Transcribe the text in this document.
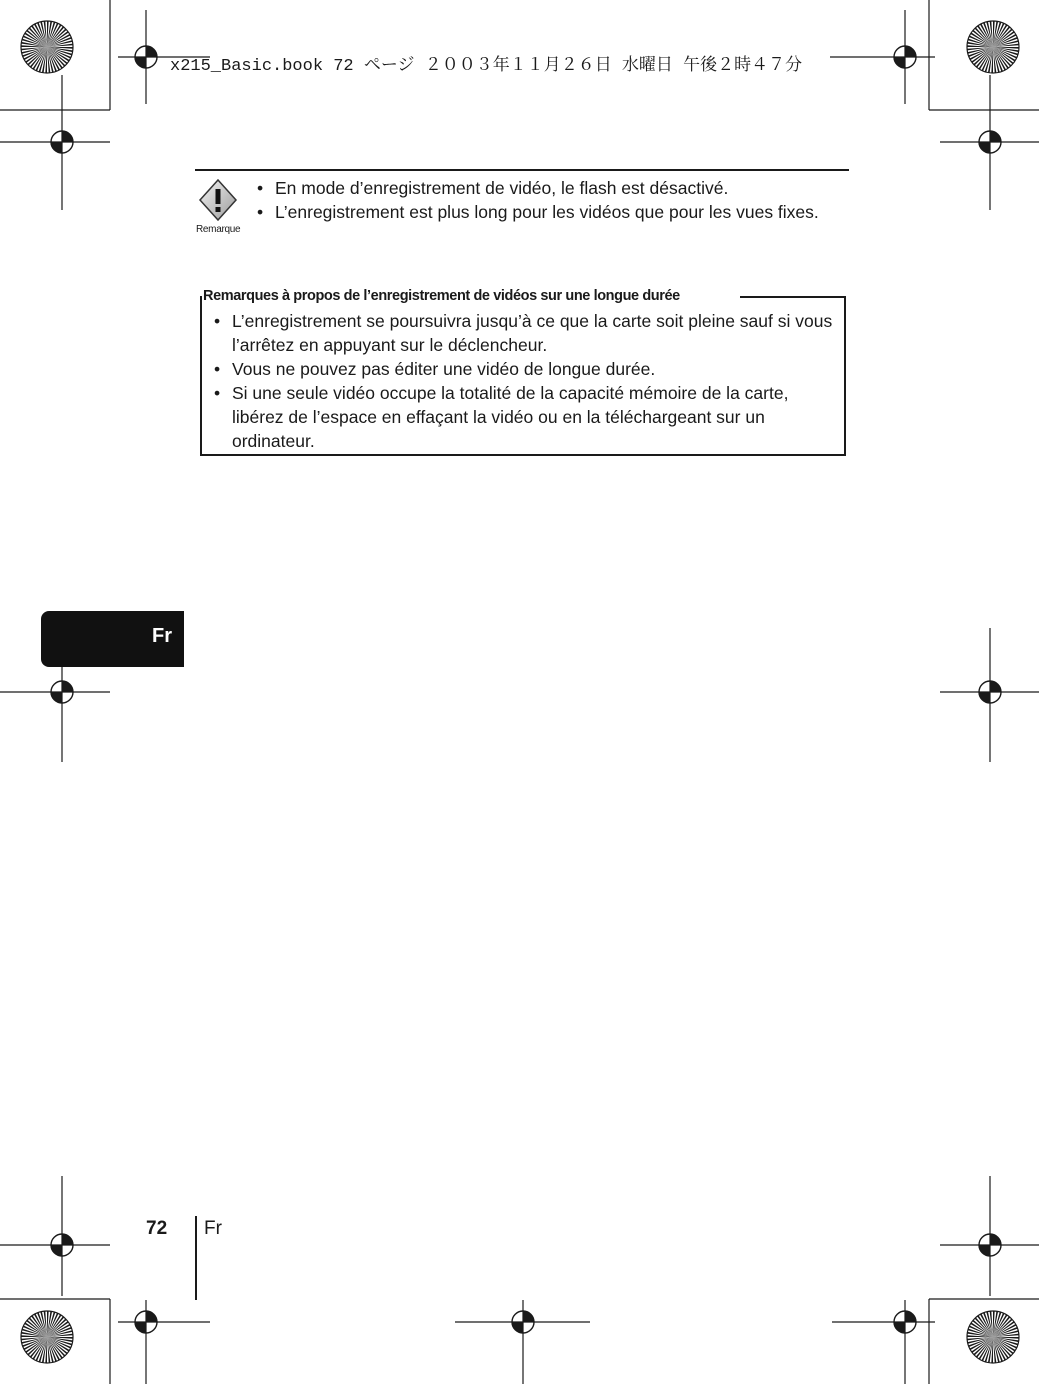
x215_Basic.book 72 ページ ２００３年１１月２６日 水曜日 午後２時４７分
Remarque
• En mode d’enregistrement de vidéo, le flash est désactivé.
• L’enregistrement est plus long pour les vidéos que pour les vues fixes.
Remarques à propos de l’enregistrement de vidéos sur une longue durée
• L’enregistrement se poursuivra jusqu’à ce que la carte soit pleine sauf si vous l’arrêtez en appuyant sur le déclencheur.
• Vous ne pouvez pas éditer une vidéo de longue durée.
• Si une seule vidéo occupe la totalité de la capacité mémoire de la carte, libérez de l’espace en effaçant la vidéo ou en la téléchargeant sur un ordinateur.
Fr
72 Fr
